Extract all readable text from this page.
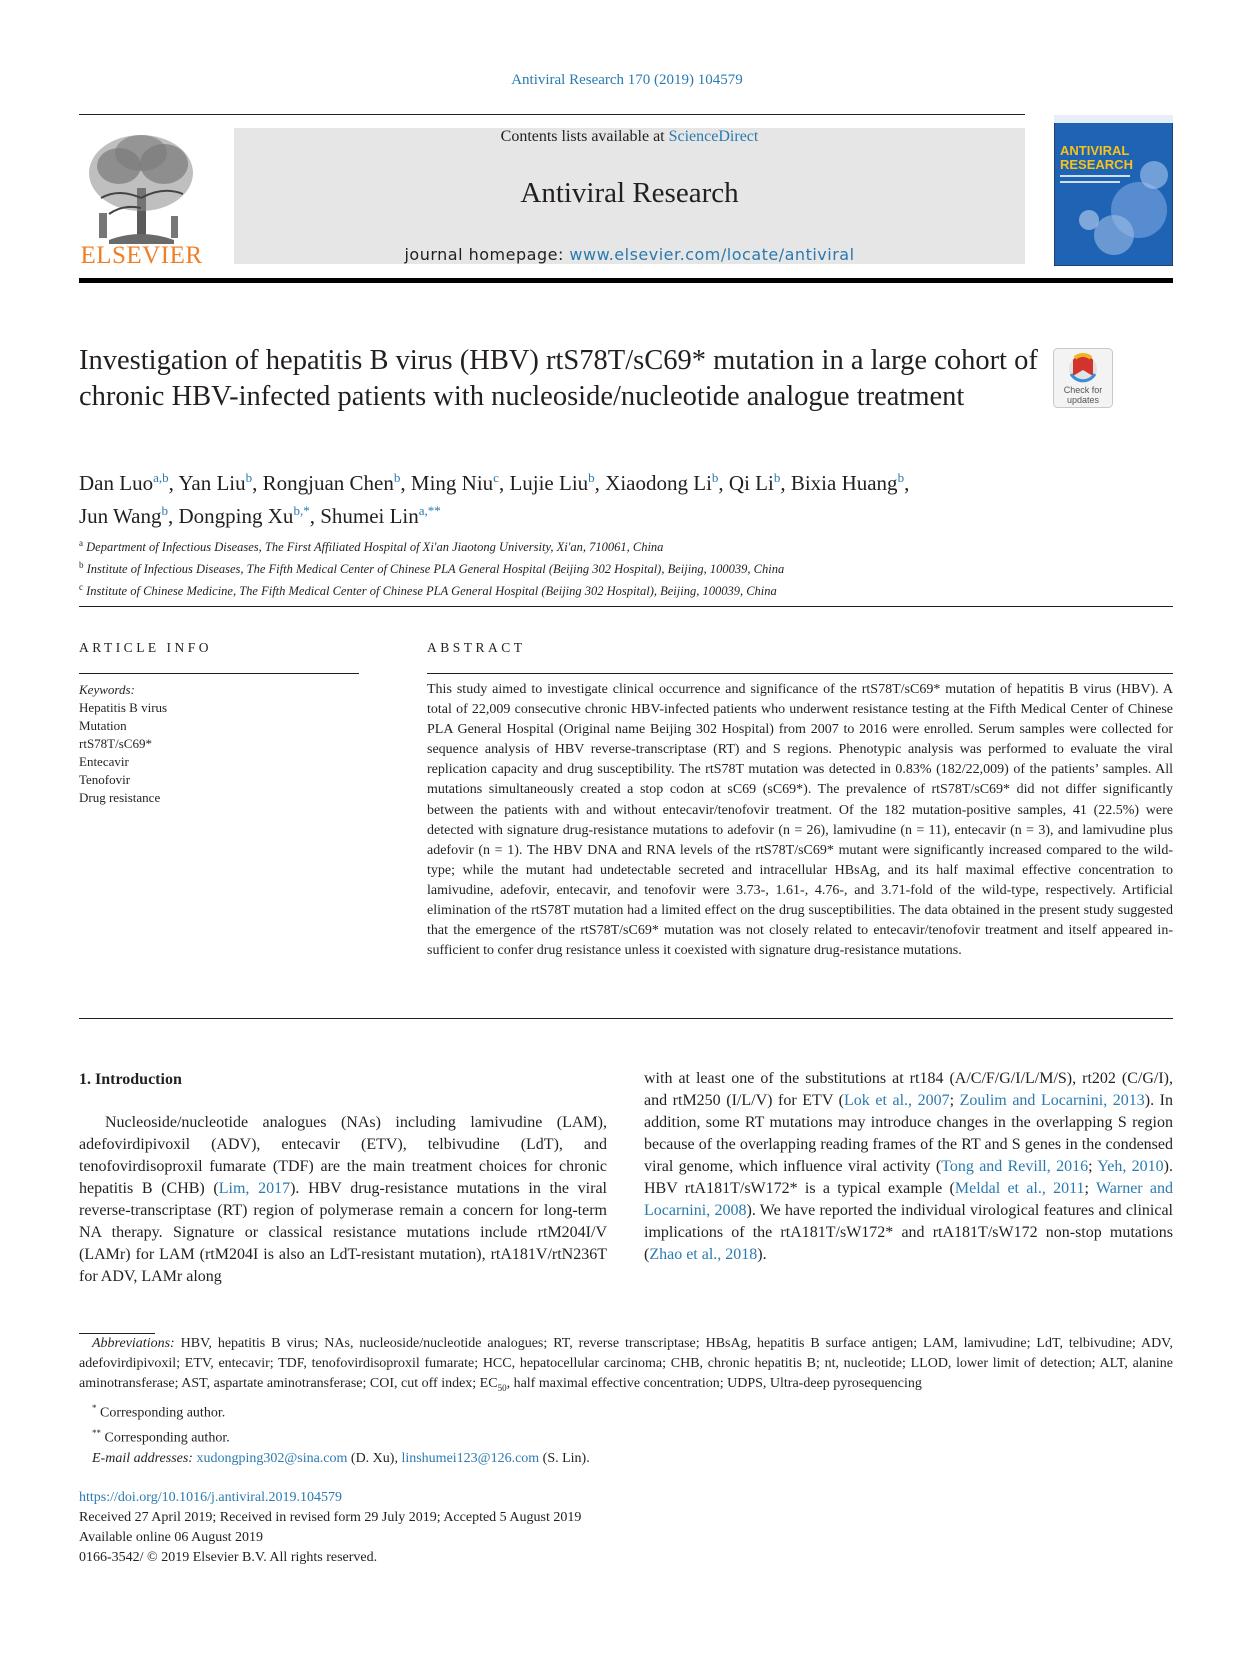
Antiviral Research 170 (2019) 104579
ELSEVIER
Contents lists available at ScienceDirect
Antiviral Research
journal homepage: www.elsevier.com/locate/antiviral
ANTIVIRAL
RESEARCH
Investigation of hepatitis B virus (HBV) rtS78T/sC69* mutation in a large cohort of chronic HBV-infected patients with nucleoside/nucleotide analogue treatment	Check for
updates
Dan Luo$^{a,b}$, Yan Liu$^b$, Rongjuan Chen$^b$, Ming Niu$^c$, Lujie Liu$^b$, Xiaodong Li$^b$, Qi Li$^b$, Bixia Huang$^b$,
Jun Wang$^b$, Dongping $Xu^{b,*}$, Shumei Lin$^{a,**}$
$^a$ Department of Infectious Diseases, The First Affiliated Hospital of Xi'an Jiaotong University, Xi'an, 710061, China
$^b$ Institute of Infectious Diseases, The Fifth Medical Center of Chinese PLA General Hospital (Beijing 302 Hospital), Beijing, 100039, China
$^c$ Institute of Chinese Medicine, The Fifth Medical Center of Chinese PLA General Hospital (Beijing 302 Hospital), Beijing, 100039, China
ARTICLE INFO
Keywords:
Hepatitis B virus
Mutation
rtS78T/sC69*
Entecavir
Tenofovir
Drug resistance
ABSTRACT
This study aimed to investigate clinical occurrence and significance of the rtS78T/sC69* mutation of hepatitis B virus (HBV). A total of 22,009 consecutive chronic HBV-infected patients who underwent resistance testing at the Fifth Medical Center of Chinese PLA General Hospital (Original name Beijing 302 Hospital) from 2007 to 2016 were enrolled. Serum samples were collected for sequence analysis of HBV reverse-transcriptase (RT) and S regions. Phenotypic analysis was performed to evaluate the viral replication capacity and drug susceptibility. The rtS78T mutation was detected in 0.83% (182/22,009) of the patients’ samples. All mutations simultaneously created a stop codon at sC69 (sC69*). The prevalence of rtS78T/sC69* did not differ significantly between the patients with and without entecavir/tenofovir treatment. Of the 182 mutation-positive samples, 41 (22.5%) were detected with signature drug-resistance mutations to adefovir (n = 26), lamivudine (n = 11), entecavir (n = 3), and lamivudine plus adefovir (n = 1). The HBV DNA and RNA levels of the rtS78T/sC69* mutant were significantly increased compared to the wild-type; while the mutant had undetectable secreted and intracellular HBsAg, and its half maximal effective concentration to lamivudine, adefovir, entecavir, and tenofovir were 3.73-, 1.61-, 4.76-, and 3.71-fold of the wild-type, respectively. Artificial elimination of the rtS78T mutation had a limited effect on the drug susceptibilities. The data obtained in the present study suggested that the emergence of the rtS78T/sC69* mutation was not closely related to entecavir/tenofovir treatment and itself appeared insufficient to confer drug resistance unless it coexisted with signature drug-resistance mutations.
1. Introduction
Nucleoside/nucleotide analogues (NAs) including lamivudine (LAM), adefovirdipivoxil (ADV), entecavir (ETV), telbivudine (LdT), and tenofovirdisoproxil fumarate (TDF) are the main treatment choices for chronic hepatitis B (CHB) (Lim, 2017). HBV drug-resistance mutations in the viral reverse-transcriptase (RT) region of polymerase remain a concern for long-term NA therapy. Signature or classical resistance mutations include rtM204I/V (LAMr) for LAM (rtM204I is also an LdT-resistant mutation), rtA181V/rtN236T for ADV, LAMr along
with at least one of the substitutions at rt184 (A/C/F/G/I/L/M/S), rt202 (C/G/I), and rtM250 (I/L/V) for ETV (Lok et al., 2007; Zoulim and Locarnini, 2013). In addition, some RT mutations may introduce changes in the overlapping S region because of the overlapping reading frames of the RT and S genes in the condensed viral genome, which influence viral activity (Tong and Revill, 2016; Yeh, 2010). HBV rtA181T/sW172* is a typical example (Meldal et al., 2011; Warner and Locarnini, 2008). We have reported the individual virological features and clinical implications of the rtA181T/sW172* and rtA181T/sW172 non-stop mutations (Zhao et al., 2018).
Abbreviations: HBV, hepatitis B virus; NAs, nucleoside/nucleotide analogues; RT, reverse transcriptase; HBsAg, hepatitis B surface antigen; LAM, lamivudine; LdT, telbivudine; ADV, adefovirdipivoxil; ETV, entecavir; TDF, tenofovirdisoproxil fumarate; HCC, hepatocellular carcinoma; CHB, chronic hepatitis B; nt, nucleotide; LLOD, lower limit of detection; ALT, alanine aminotransferase; AST, aspartate aminotransferase; COI, cut off index; $EC_{50}$, half maximal effective concentration; UDPS, Ultra-deep pyrosequencing
* Corresponding author.
** Corresponding author.
E-mail addresses: xudongping302@sina.com (D. Xu), linshumei123@126.com (S. Lin).
https://doi.org/10.1016/j.antiviral.2019.104579
Received 27 April 2019; Received in revised form 29 July 2019; Accepted 5 August 2019
Available online 06 August 2019
0166-3542/ © 2019 Elsevier B.V. All rights reserved.
